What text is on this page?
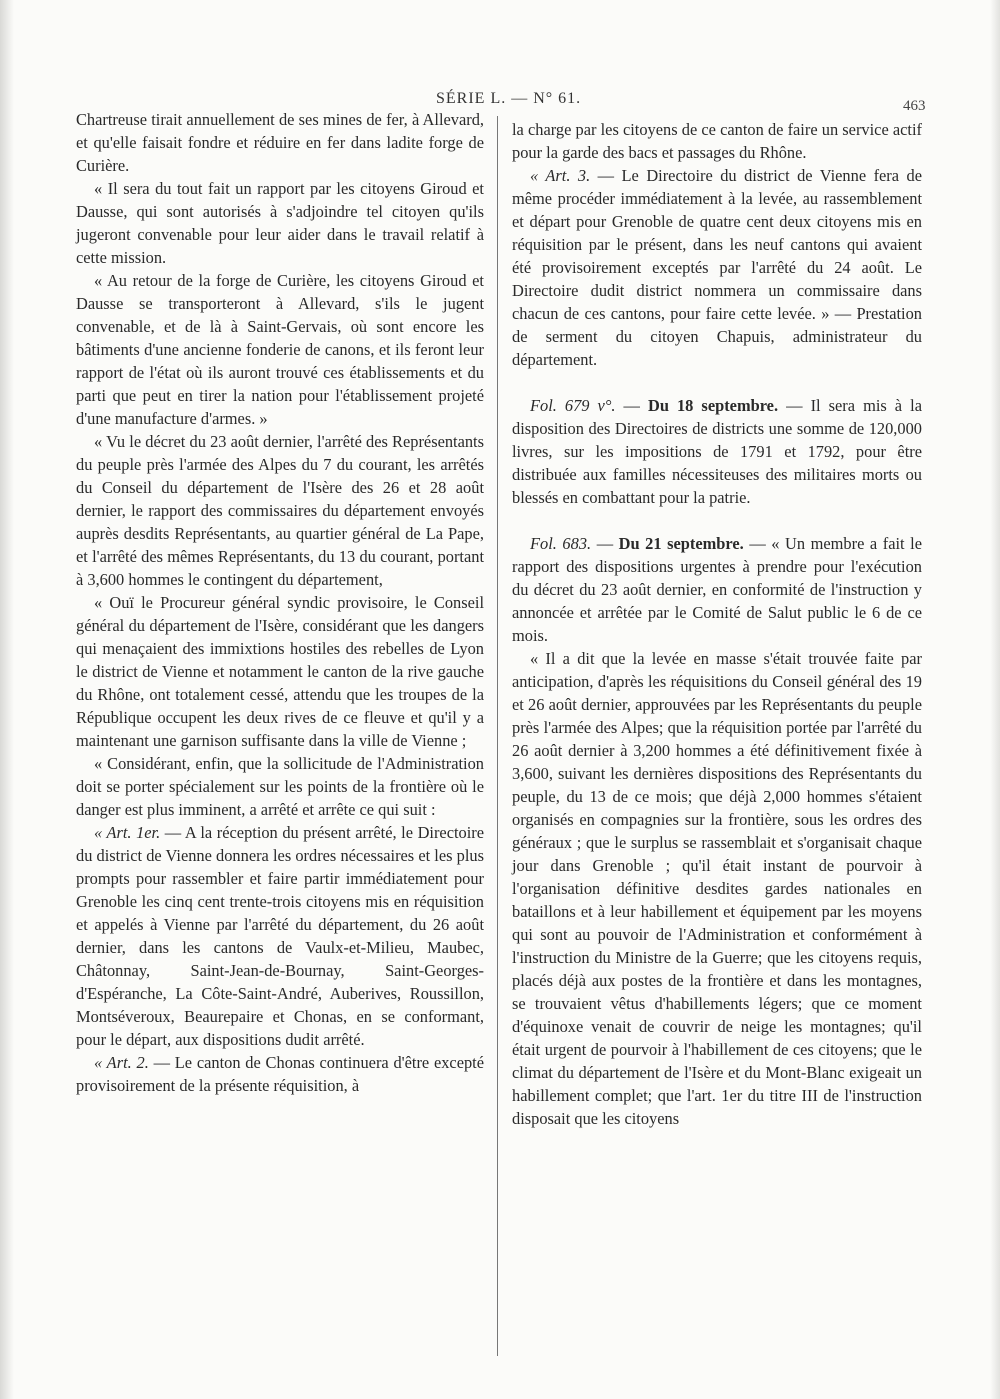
SÉRIE L. — N° 61.	463

Chartreuse tirait annuellement de ses mines de fer, à Allevard, et qu'elle faisait fondre et réduire en fer dans ladite forge de Curière.

« Il sera du tout fait un rapport par les citoyens Giroud et Dausse, qui sont autorisés à s'adjoindre tel citoyen qu'ils jugeront convenable pour leur aider dans le travail relatif à cette mission.

« Au retour de la forge de Curière, les citoyens Giroud et Dausse se transporteront à Allevard, s'ils le jugent convenable, et de là à Saint-Gervais, où sont encore les bâtiments d'une ancienne fonderie de canons, et ils feront leur rapport de l'état où ils auront trouvé ces établissements et du parti que peut en tirer la nation pour l'établissement projeté d'une manufacture d'armes. »

« Vu le décret du 23 août dernier, l'arrêté des Représentants du peuple près l'armée des Alpes du 7 du courant, les arrêtés du Conseil du département de l'Isère des 26 et 28 août dernier, le rapport des commissaires du département envoyés auprès desdits Représentants, au quartier général de La Pape, et l'arrêté des mêmes Représentants, du 13 du courant, portant à 3,600 hommes le contingent du département,

« Ouï le Procureur général syndic provisoire, le Conseil général du département de l'Isère, considérant que les dangers qui menaçaient des immixtions hostiles des rebelles de Lyon le district de Vienne et notamment le canton de la rive gauche du Rhône, ont totalement cessé, attendu que les troupes de la République occupent les deux rives de ce fleuve et qu'il y a maintenant une garnison suffisante dans la ville de Vienne ;

« Considérant, enfin, que la sollicitude de l'Administration doit se porter spécialement sur les points de la frontière où le danger est plus imminent, a arrêté et arrête ce qui suit :

« Art. 1er. — A la réception du présent arrêté, le Directoire du district de Vienne donnera les ordres nécessaires et les plus prompts pour rassembler et faire partir immédiatement pour Grenoble les cinq cent trente-trois citoyens mis en réquisition et appelés à Vienne par l'arrêté du département, du 26 août dernier, dans les cantons de Vaulx-et-Milieu, Maubec, Châtonnay, Saint-Jean-de-Bournay, Saint-Georges-d'Espéranche, La Côte-Saint-André, Auberives, Roussillon, Montséveroux, Beaurepaire et Chonas, en se conformant, pour le départ, aux dispositions dudit arrêté.

« Art. 2. — Le canton de Chonas continuera d'être excepté provisoirement de la présente réquisition, à

la charge par les citoyens de ce canton de faire un service actif pour la garde des bacs et passages du Rhône.

« Art. 3. — Le Directoire du district de Vienne fera de même procéder immédiatement à la levée, au rassemblement et départ pour Grenoble de quatre cent deux citoyens mis en réquisition par le présent, dans les neuf cantons qui avaient été provisoirement exceptés par l'arrêté du 24 août. Le Directoire dudit district nommera un commissaire dans chacun de ces cantons, pour faire cette levée. » — Prestation de serment du citoyen Chapuis, administrateur du département.

Fol. 679 v°. — Du 18 septembre. — Il sera mis à la disposition des Directoires de districts une somme de 120,000 livres, sur les impositions de 1791 et 1792, pour être distribuée aux familles nécessiteuses des militaires morts ou blessés en combattant pour la patrie.

Fol. 683. — Du 21 septembre. — « Un membre a fait le rapport des dispositions urgentes à prendre pour l'exécution du décret du 23 août dernier, en conformité de l'instruction y annoncée et arrêtée par le Comité de Salut public le 6 de ce mois.

« Il a dit que la levée en masse s'était trouvée faite par anticipation, d'après les réquisitions du Conseil général des 19 et 26 août dernier, approuvées par les Représentants du peuple près l'armée des Alpes; que la réquisition portée par l'arrêté du 26 août dernier à 3,200 hommes a été définitivement fixée à 3,600, suivant les dernières dispositions des Représentants du peuple, du 13 de ce mois; que déjà 2,000 hommes s'étaient organisés en compagnies sur la frontière, sous les ordres des généraux ; que le surplus se rassemblait et s'organisait chaque jour dans Grenoble ; qu'il était instant de pourvoir à l'organisation définitive desdites gardes nationales en bataillons et à leur habillement et équipement par les moyens qui sont au pouvoir de l'Administration et conformément à l'instruction du Ministre de la Guerre; que les citoyens requis, placés déjà aux postes de la frontière et dans les montagnes, se trouvaient vêtus d'habillements légers; que ce moment d'équinoxe venait de couvrir de neige les montagnes; qu'il était urgent de pourvoir à l'habillement de ces citoyens; que le climat du département de l'Isère et du Mont-Blanc exigeait un habillement complet; que l'art. 1er du titre III de l'instruction disposait que les citoyens
